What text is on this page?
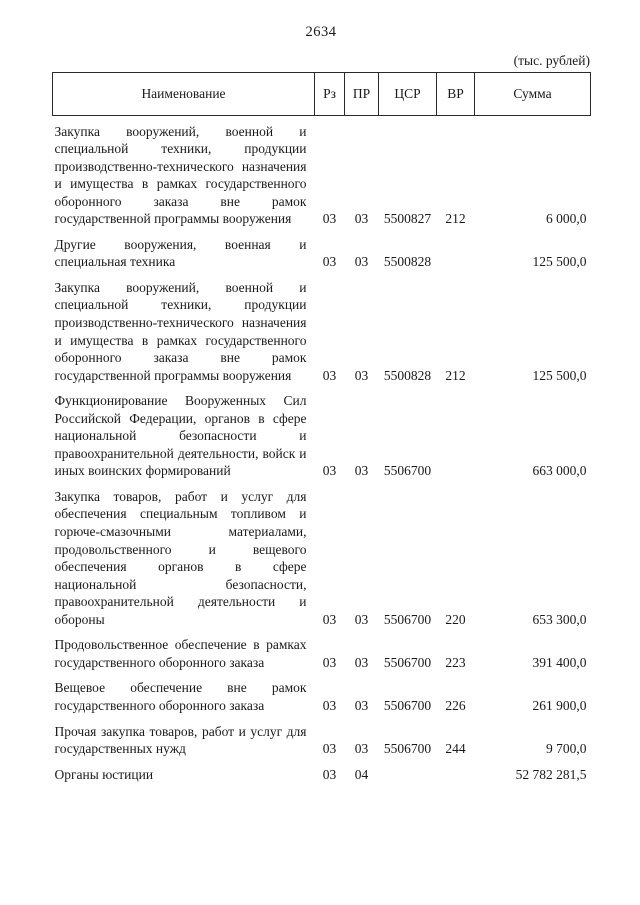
2634
(тыс. рублей)
Наименование	Рз	ПР	ЦСР	ВР	Сумма
Закупка вооружений, военной и специальной техники, продукции производственно-технического назначения и имущества в рамках государственного оборонного заказа вне рамок государственной программы вооружения	03	03	5500827	212	6 000,0
Другие вооружения, военная и специальная техника	03	03	5500828		125 500,0
Закупка вооружений, военной и специальной техники, продукции производственно-технического назначения и имущества в рамках государственного оборонного заказа вне рамок государственной программы вооружения	03	03	5500828	212	125 500,0
Функционирование Вооруженных Сил Российской Федерации, органов в сфере национальной безопасности и правоохранительной деятельности, войск и иных воинских формирований	03	03	5506700		663 000,0
Закупка товаров, работ и услуг для обеспечения специальным топливом и горюче-смазочными материалами, продовольственного и вещевого обеспечения органов в сфере национальной безопасности, правоохранительной деятельности и обороны	03	03	5506700	220	653 300,0
Продовольственное обеспечение в рамках государственного оборонного заказа	03	03	5506700	223	391 400,0
Вещевое обеспечение вне рамок государственного оборонного заказа	03	03	5506700	226	261 900,0
Прочая закупка товаров, работ и услуг для государственных нужд	03	03	5506700	244	9 700,0
Органы юстиции	03	04			52 782 281,5
